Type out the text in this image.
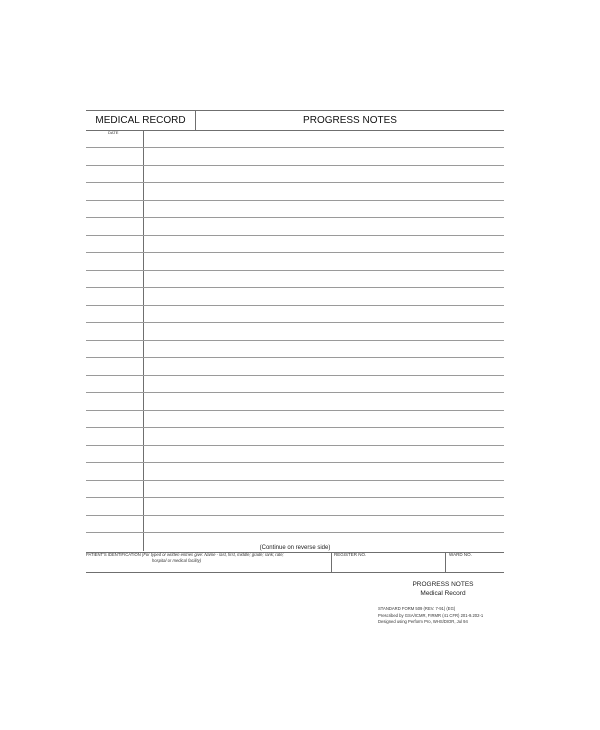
MEDICAL RECORD	PROGRESS NOTES
DATE
(Continue on reverse side)
PATIENT'S IDENTIFICATION (For typed or written entries give: Name - last, first, middle; grade; rank; rate;
hospital or medical facility)
REGISTER NO.	WARD NO.
PROGRESS NOTES
Medical Record
STANDARD FORM 509 (REV. 7-91) (EG)
Prescribed by GSA/ICMR, FIRMR (41 CFR) 201-9.202-1
Designed using Perform Pro, WHS/DIOR, Jul 94
